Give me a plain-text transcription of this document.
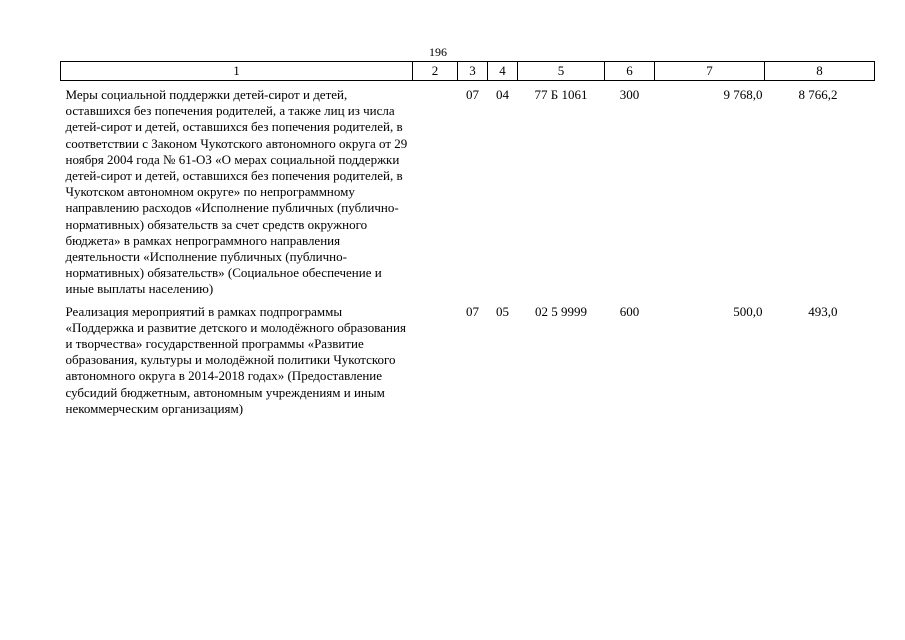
196
1	2	3	4	5	6	7	8
Меры социальной поддержки детей-сирот и детей, оставшихся без попечения родителей, а также лиц из числа детей-сирот и детей, оставшихся без попечения родителей, в соответствии с Законом Чукотского автономного округа от 29 ноября 2004 года № 61-ОЗ «О мерах социальной поддержки детей-сирот и детей, оставшихся без попечения родителей, в Чукотском автономном округе» по непрограммному направлению расходов «Исполнение публичных (публично-нормативных) обязательств за счет средств окружного бюджета» в рамках непрограммного направления деятельности «Исполнение публичных (публично-нормативных) обязательств» (Социальное обеспечение и иные выплаты населению)		07	04	77 Б 1061	300	9 768,0	8 766,2
Реализация мероприятий в рамках подпрограммы «Поддержка и развитие детского и молодёжного образования и творчества» государственной программы «Развитие образования, культуры и молодёжной политики Чукотского автономного округа в 2014-2018 годах» (Предоставление субсидий бюджетным, автономным учреждениям и иным некоммерческим организациям)		07	05	02 5 9999	600	500,0	493,0
